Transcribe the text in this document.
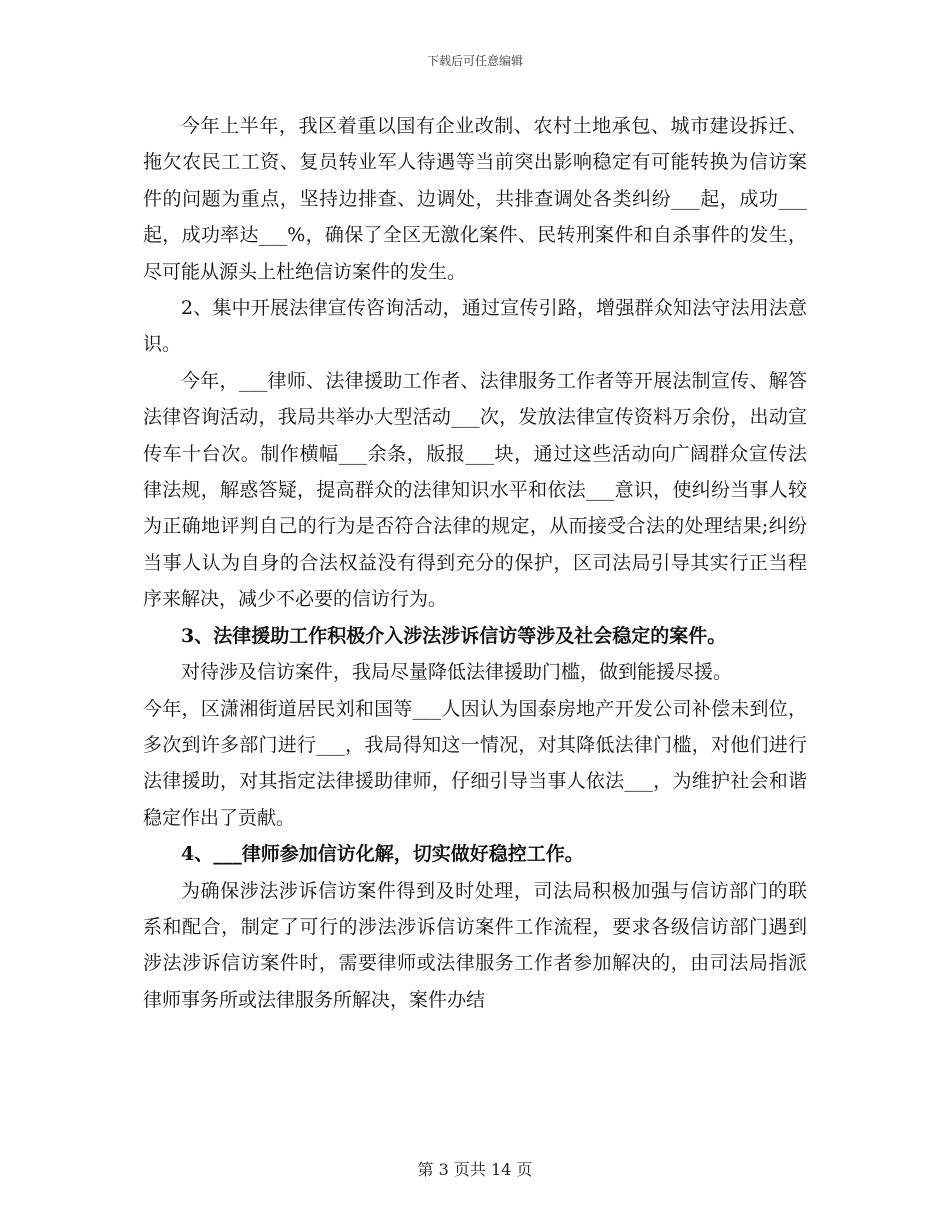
下载后可任意编辑

今年上半年，我区着重以国有企业改制、农村土地承包、城市建设拆迁、拖欠农民工工资、复员转业军人待遇等当前突出影响稳定有可能转换为信访案件的问题为重点，坚持边排查、边调处，共排查调处各类纠纷___起，成功___起，成功率达___%，确保了全区无激化案件、民转刑案件和自杀事件的发生，尽可能从源头上杜绝信访案件的发生。

2、集中开展法律宣传咨询活动，通过宣传引路，增强群众知法守法用法意识。

今年，___律师、法律援助工作者、法律服务工作者等开展法制宣传、解答法律咨询活动，我局共举办大型活动___次，发放法律宣传资料万余份，出动宣传车十台次。制作横幅___余条，版报___块，通过这些活动向广阔群众宣传法律法规，解惑答疑，提高群众的法律知识水平和依法___意识，使纠纷当事人较为正确地评判自己的行为是否符合法律的规定，从而接受合法的处理结果;纠纷当事人认为自身的合法权益没有得到充分的保护，区司法局引导其实行正当程序来解决，减少不必要的信访行为。

3、法律援助工作积极介入涉法涉诉信访等涉及社会稳定的案件。

对待涉及信访案件，我局尽量降低法律援助门槛，做到能援尽援。

今年，区潇湘街道居民刘和国等___人因认为国泰房地产开发公司补偿未到位，多次到许多部门进行___，我局得知这一情况，对其降低法律门槛，对他们进行法律援助，对其指定法律援助律师，仔细引导当事人依法___，为维护社会和谐稳定作出了贡献。

4、___律师参加信访化解，切实做好稳控工作。

为确保涉法涉诉信访案件得到及时处理，司法局积极加强与信访部门的联系和配合，制定了可行的涉法涉诉信访案件工作流程，要求各级信访部门遇到涉法涉诉信访案件时，需要律师或法律服务工作者参加解决的，由司法局指派律师事务所或法律服务所解决，案件办结

第 3 页共 14 页
